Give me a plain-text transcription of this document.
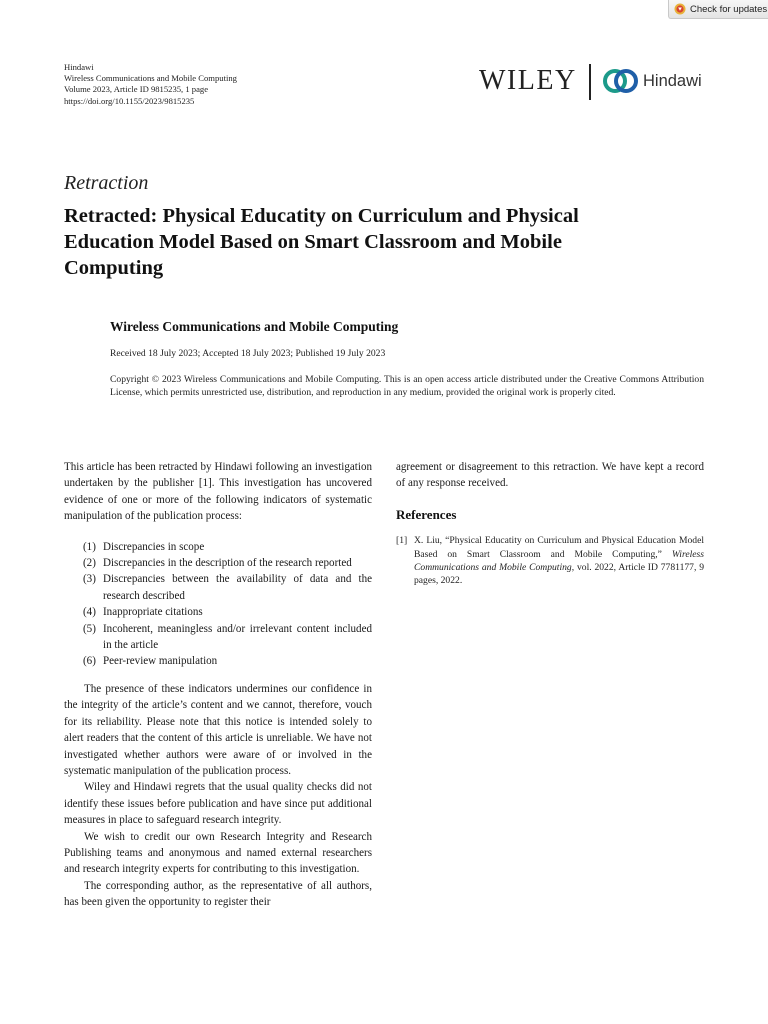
Check for updates
Hindawi
Wireless Communications and Mobile Computing
Volume 2023, Article ID 9815235, 1 page
https://doi.org/10.1155/2023/9815235
WILEY	Hindawi
Retraction
Retracted: Physical Educatity on Curriculum and Physical Education Model Based on Smart Classroom and Mobile Computing
Wireless Communications and Mobile Computing
Received 18 July 2023; Accepted 18 July 2023; Published 19 July 2023
Copyright © 2023 Wireless Communications and Mobile Computing. This is an open access article distributed under the Creative Commons Attribution License, which permits unrestricted use, distribution, and reproduction in any medium, provided the original work is properly cited.

This article has been retracted by Hindawi following an investigation undertaken by the publisher [1]. This investigation has uncovered evidence of one or more of the following indicators of systematic manipulation of the publication process:

(1) Discrepancies in scope
(2) Discrepancies in the description of the research reported
(3) Discrepancies between the availability of data and the research described
(4) Inappropriate citations
(5) Incoherent, meaningless and/or irrelevant content included in the article
(6) Peer-review manipulation

The presence of these indicators undermines our confidence in the integrity of the article’s content and we cannot, therefore, vouch for its reliability. Please note that this notice is intended solely to alert readers that the content of this article is unreliable. We have not investigated whether authors were aware of or involved in the systematic manipulation of the publication process.

Wiley and Hindawi regrets that the usual quality checks did not identify these issues before publication and have since put additional measures in place to safeguard research integrity.

We wish to credit our own Research Integrity and Research Publishing teams and anonymous and named external researchers and research integrity experts for contributing to this investigation.

The corresponding author, as the representative of all authors, has been given the opportunity to register their

agreement or disagreement to this retraction. We have kept a record of any response received.

References
[1] X. Liu, “Physical Educatity on Curriculum and Physical Education Model Based on Smart Classroom and Mobile Computing,” Wireless Communications and Mobile Computing, vol. 2022, Article ID 7781177, 9 pages, 2022.
